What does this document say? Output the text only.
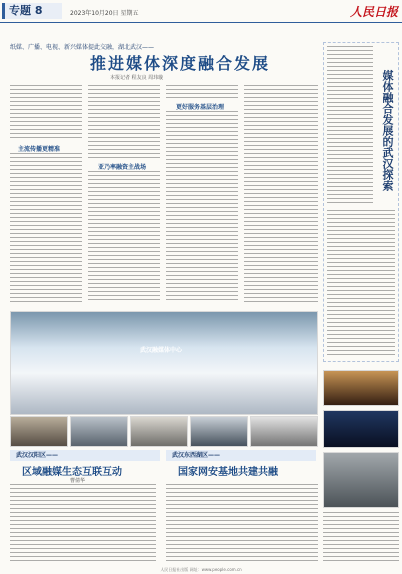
专题 8	2023年10月20日 星期五	人民日报
纸媒、广播、电视、新兴媒体提此交融，湖北武汉——
推进媒体深度融合发展
本报记者 程友良 周玮璇
主流传播更精准
亚乃率融资主战场
更好服务基层治理	媒体融合发展的武汉探索
武汉融媒体中心
武汉汉阳区——
区域融媒生态互联互动
曹倩华
武汉东西湖区——
国家网安基地共建共融
人民日报社出版 网址：www.people.com.cn
